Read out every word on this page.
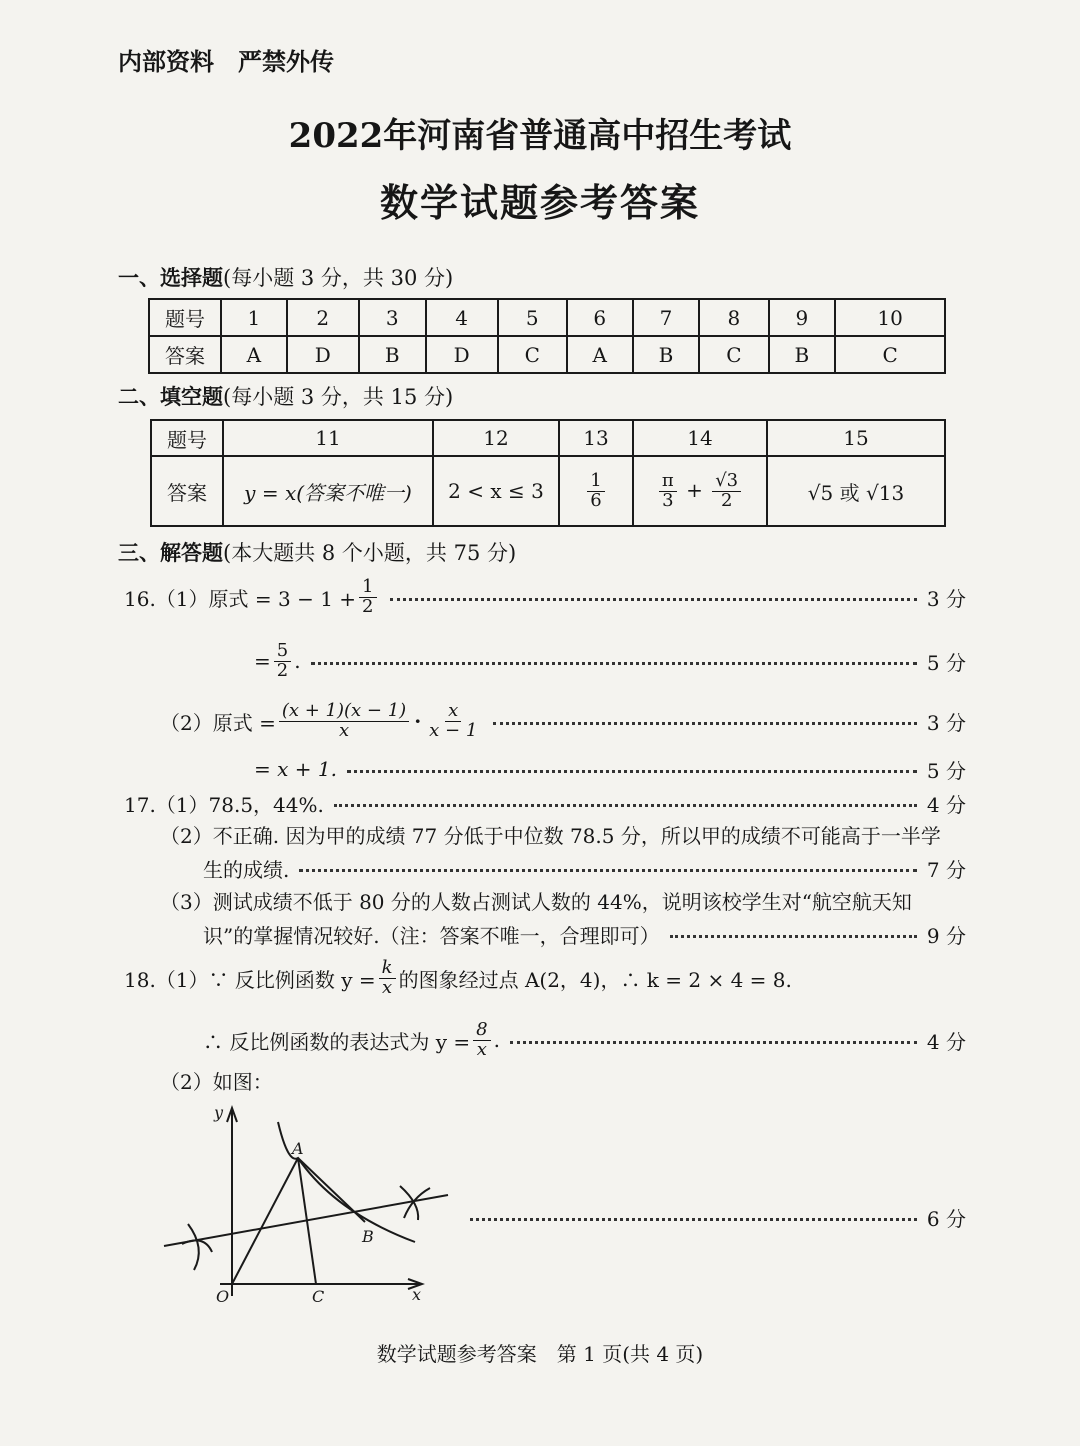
内部资料　严禁外传
2022年河南省普通高中招生考试
数学试题参考答案
一、选择题(每小题 3 分，共 30 分)
题号	1	2	3	4	5	6	7	8	9	10
答案	A	D	B	D	C	A	B	C	B	C
二、填空题(每小题 3 分，共 15 分)
题号	11	12	13	14	15
答案	y = x(答案不唯一)	2 < x ≤ 3	$\frac{1}{6}$	$\frac{\pi}{3} + \frac{√3}{2}$	√5 或 √13
三、解答题(本大题共 8 个小题，共 75 分)
16.（1）原式 = $3 - 1 + \frac{1}{2}$	3 分
= $\frac{5}{2}$ .	5 分
（2）原式 = $\frac{(x + 1)(x - 1)}{x} \cdot \frac{x}{x - 1}$	3 分
= x + 1.	5 分
17.（1）78.5，44%.	4 分
（2）不正确. 因为甲的成绩 77 分低于中位数 78.5 分，所以甲的成绩不可能高于一半学
生的成绩.	7 分
（3）测试成绩不低于 80 分的人数占测试人数的 44%，说明该校学生对“航空航天知
识”的掌握情况较好.（注：答案不唯一，合理即可）	9 分
18.（1）∵ 反比例函数 $y = \frac{k}{x}$ 的图象经过点 A(2，4)，∴ k = 2 × 4 = 8.
∴ 反比例函数的表达式为 $y = \frac{8}{x}$ .	4 分
（2）如图：
y
x
O
A
B
C
6 分
数学试题参考答案　第 1 页(共 4 页)
